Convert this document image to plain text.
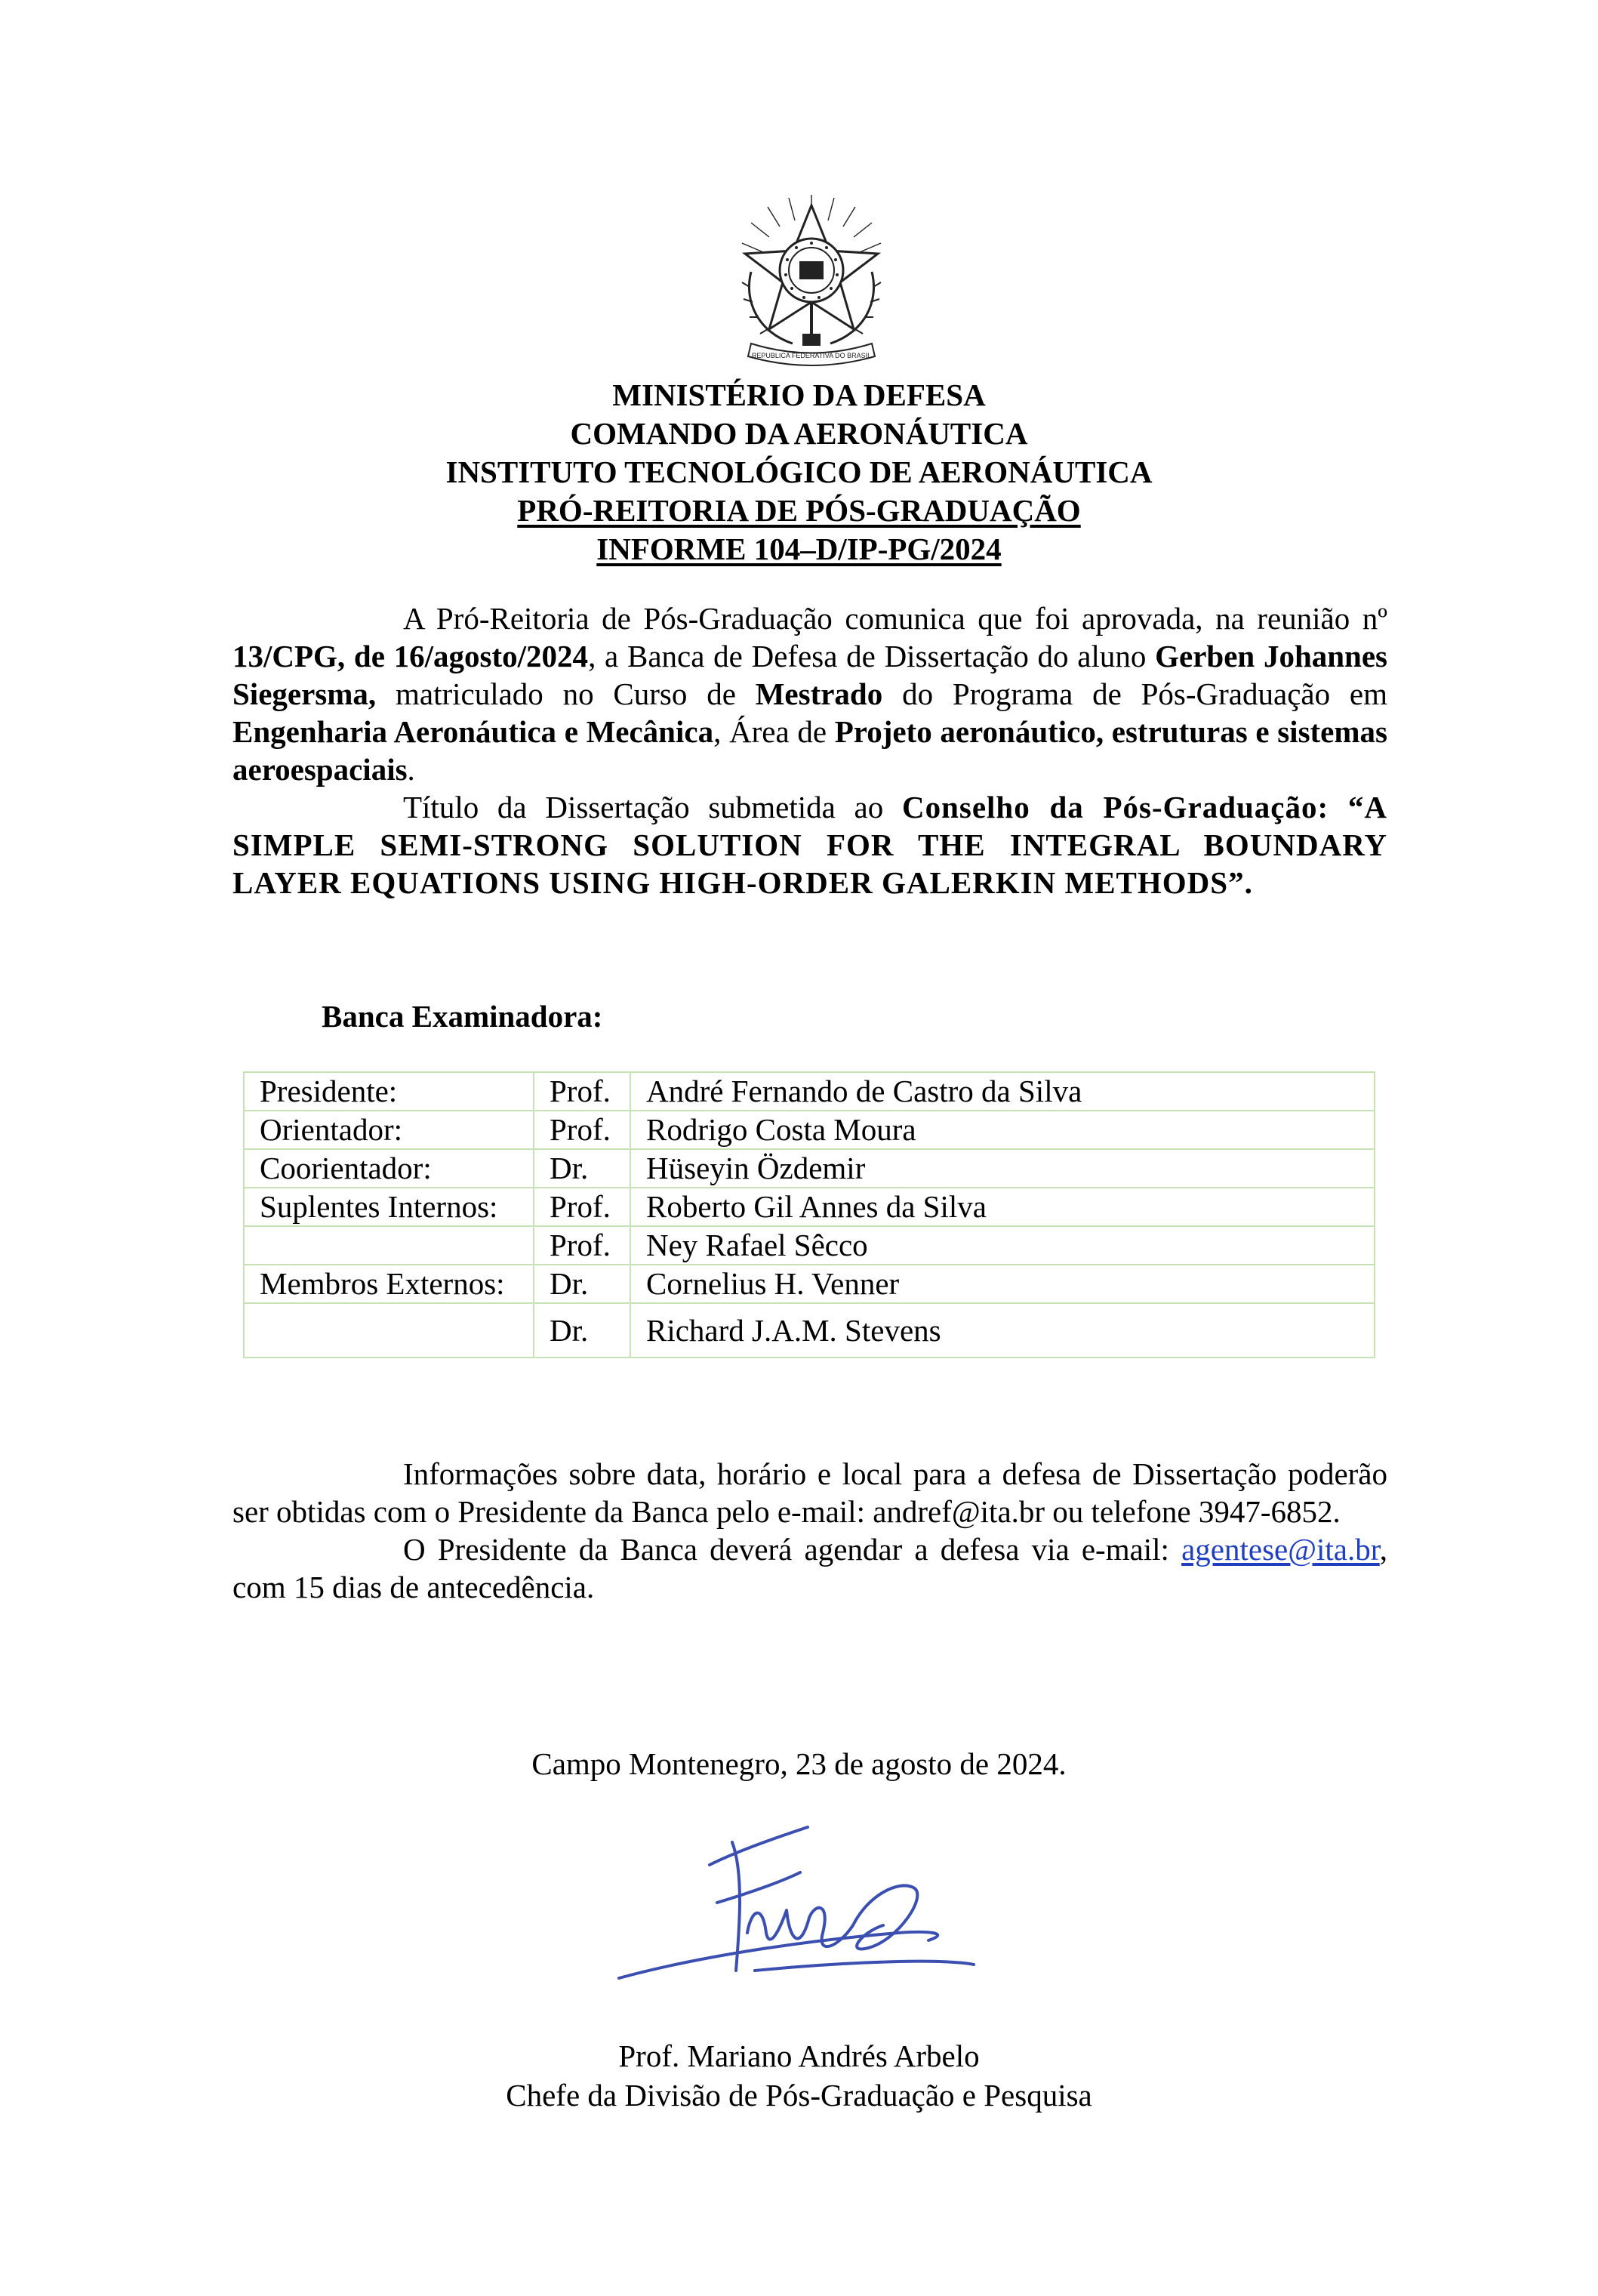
REPUBLICA FEDERATIVA DO BRASIL
MINISTÉRIO DA DEFESA
COMANDO DA AERONÁUTICA
INSTITUTO TECNOLÓGICO DE AERONÁUTICA
PRÓ-REITORIA DE PÓS-GRADUAÇÃO
INFORME 104–D/IP-PG/2024

A Pró-Reitoria de Pós-Graduação comunica que foi aprovada, na reunião nº 13/CPG, de 16/agosto/2024, a Banca de Defesa de Dissertação do aluno Gerben Johannes Siegersma, matriculado no Curso de Mestrado do Programa de Pós-Graduação em Engenharia Aeronáutica e Mecânica, Área de Projeto aeronáutico, estruturas e sistemas aeroespaciais.

Título da Dissertação submetida ao Conselho da Pós-Graduação: “A SIMPLE SEMI-STRONG SOLUTION FOR THE INTEGRAL BOUNDARY LAYER EQUATIONS USING HIGH-ORDER GALERKIN METHODS”.

Banca Examinadora:
Presidente:	Prof.	André Fernando de Castro da Silva
Orientador:	Prof.	Rodrigo Costa Moura
Coorientador:	Dr.	Hüseyin Özdemir
Suplentes Internos:	Prof.	Roberto Gil Annes da Silva
	Prof.	Ney Rafael Sêcco
Membros Externos:	Dr.	Cornelius H. Venner
	Dr.	Richard J.A.M. Stevens

Informações sobre data, horário e local para a defesa de Dissertação poderão ser obtidas com o Presidente da Banca pelo e-mail: andref@ita.br ou telefone 3947-6852.

O Presidente da Banca deverá agendar a defesa via e-mail: agentese@ita.br, com 15 dias de antecedência.

Campo Montenegro, 23 de agosto de 2024.
Prof. Mariano Andrés Arbelo
Chefe da Divisão de Pós-Graduação e Pesquisa
